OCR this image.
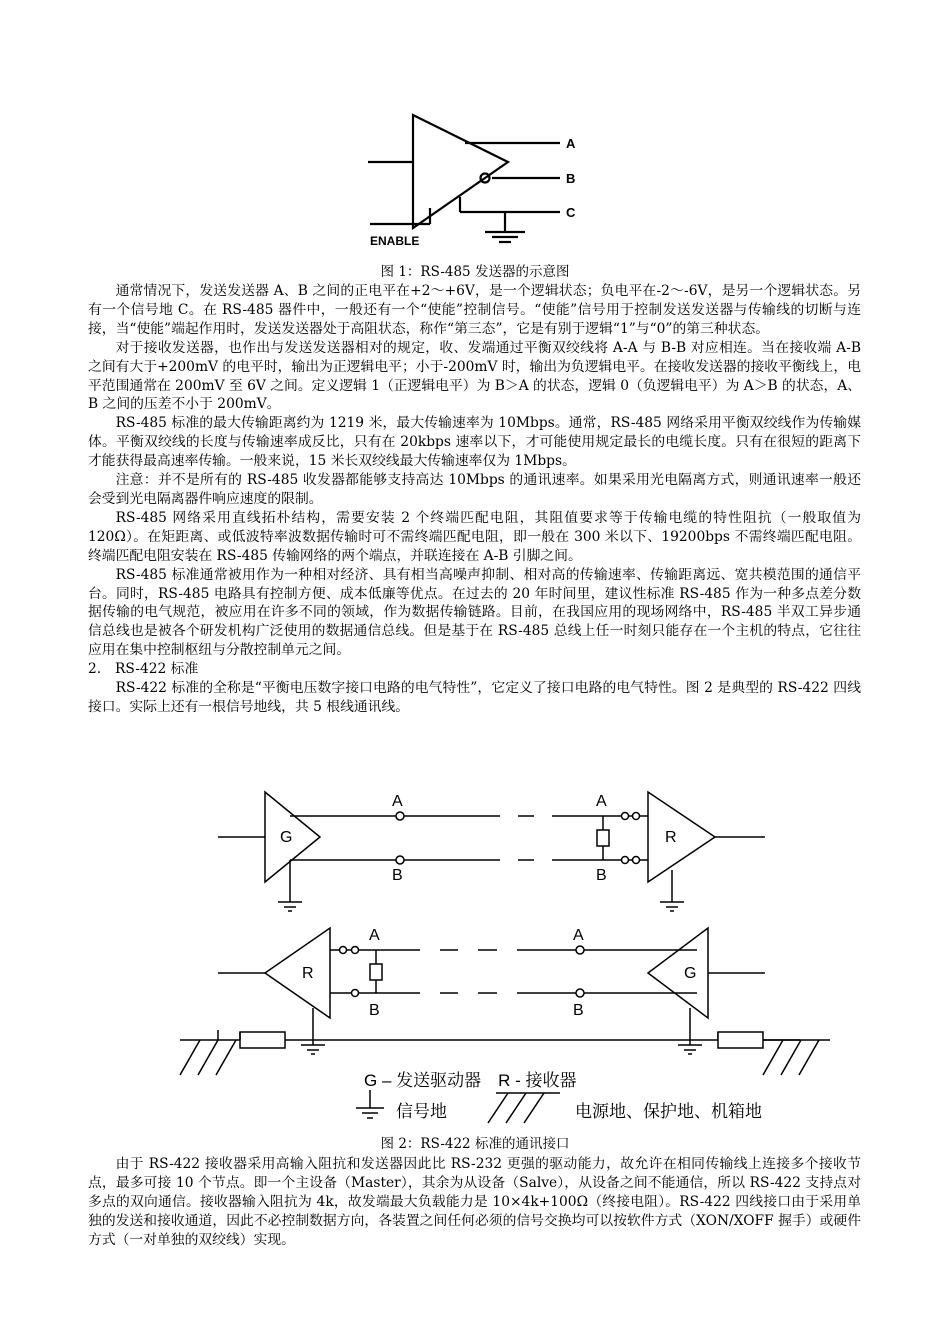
A
B
C
ENABLE
图 1：RS-485 发送器的示意图

通常情况下，发送发送器 A、B 之间的正电平在+2～+6V，是一个逻辑状态；负电平在-2～-6V，是另一个逻辑状态。另有一个信号地 C。在 RS-485 器件中，一般还有一个“使能”控制信号。“使能”信号用于控制发送发送器与传输线的切断与连接，当“使能”端起作用时，发送发送器处于高阻状态，称作“第三态”，它是有别于逻辑“1”与“0”的第三种状态。

对于接收发送器，也作出与发送发送器相对的规定，收、发端通过平衡双绞线将 A-A 与 B-B 对应相连。当在接收端 A-B 之间有大于+200mV 的电平时，输出为正逻辑电平；小于-200mV 时，输出为负逻辑电平。在接收发送器的接收平衡线上，电平范围通常在 200mV 至 6V 之间。定义逻辑 1（正逻辑电平）为 B＞A 的状态，逻辑 0（负逻辑电平）为 A＞B 的状态，A、B 之间的压差不小于 200mV。

RS-485 标准的最大传输距离约为 1219 米，最大传输速率为 10Mbps。通常，RS-485 网络采用平衡双绞线作为传输媒体。平衡双绞线的长度与传输速率成反比，只有在 20kbps 速率以下，才可能使用规定最长的电缆长度。只有在很短的距离下才能获得最高速率传输。一般来说，15 米长双绞线最大传输速率仅为 1Mbps。

注意：并不是所有的 RS-485 收发器都能够支持高达 10Mbps 的通讯速率。如果采用光电隔离方式，则通讯速率一般还会受到光电隔离器件响应速度的限制。

RS-485 网络采用直线拓朴结构，需要安装 2 个终端匹配电阻，其阻值要求等于传输电缆的特性阻抗（一般取值为 120Ω）。在矩距离、或低波特率波数据传输时可不需终端匹配电阻，即一般在 300 米以下、19200bps 不需终端匹配电阻。终端匹配电阻安装在 RS-485 传输网络的两个端点，并联连接在 A-B 引脚之间。

RS-485 标准通常被用作为一种相对经济、具有相当高噪声抑制、相对高的传输速率、传输距离远、宽共模范围的通信平台。同时，RS-485 电路具有控制方便、成本低廉等优点。在过去的 20 年时间里，建议性标准 RS-485 作为一种多点差分数据传输的电气规范，被应用在许多不同的领域，作为数据传输链路。目前，在我国应用的现场网络中，RS-485 半双工异步通信总线也是被各个研发机构广泛使用的数据通信总线。但是基于在 RS-485 总线上任一时刻只能存在一个主机的特点，它往往应用在集中控制枢纽与分散控制单元之间。

2.　RS-422 标准

RS-422 标准的全称是“平衡电压数字接口电路的电气特性”，它定义了接口电路的电气特性。图 2 是典型的 RS-422 四线接口。实际上还有一根信号地线，共 5 根线通讯线。

G	R
A	A
B	B
R	G
A	A
B	B
G – 发送驱动器　R - 接收器
信号地	电源地、保护地、机箱地
图 2：RS-422 标准的通讯接口

由于 RS-422 接收器采用高输入阻抗和发送器因此比 RS-232 更强的驱动能力，故允许在相同传输线上连接多个接收节点，最多可接 10 个节点。即一个主设备（Master），其余为从设备（Salve），从设备之间不能通信，所以 RS-422 支持点对多点的双向通信。接收器输入阻抗为 4k，故发端最大负载能力是 10×4k+100Ω（终接电阻）。RS-422 四线接口由于采用单独的发送和接收通道，因此不必控制数据方向，各装置之间任何必须的信号交换均可以按软件方式（XON/XOFF 握手）或硬件方式（一对单独的双绞线）实现。
